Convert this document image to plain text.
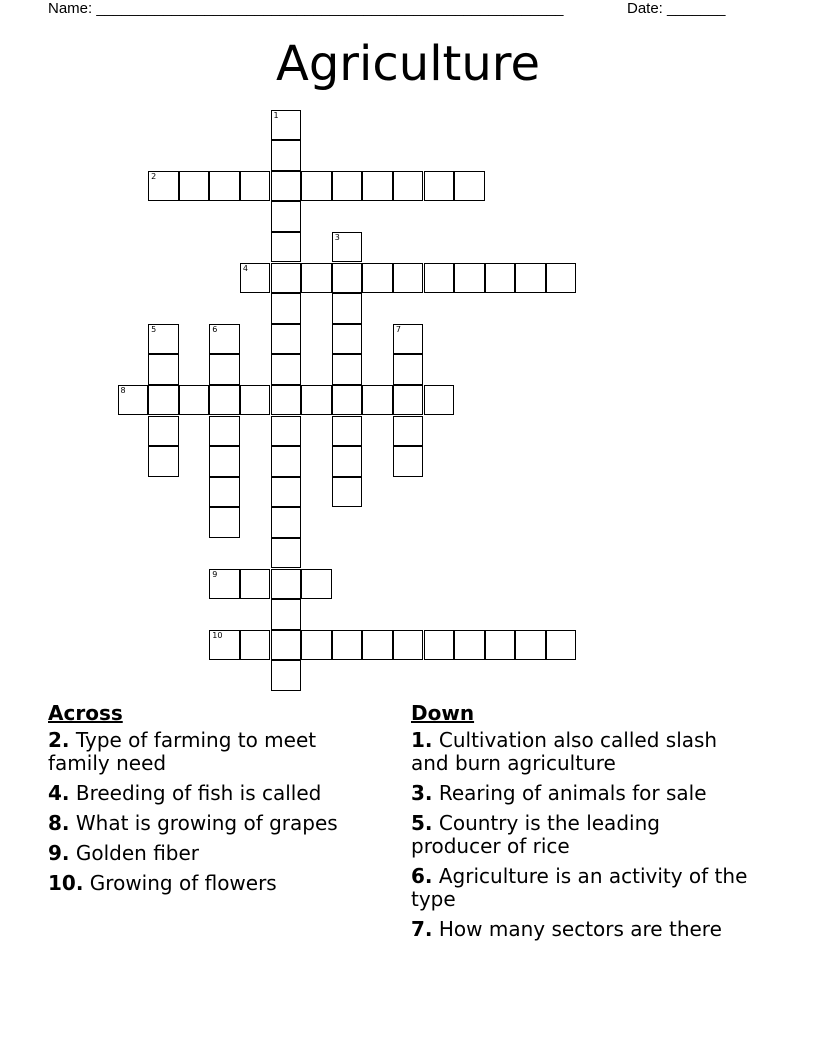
Name: ________________________________________________________	Date: _______
Agriculture
1
2
3
4
5	6	7
8
9
10
Across
2. Type of farming to meet family need
4. Breeding of fish is called
8. What is growing of grapes
9. Golden fiber
10. Growing of flowers
Down
1. Cultivation also called slash and burn agriculture
3. Rearing of animals for sale
5. Country is the leading producer of rice
6. Agriculture is an activity of the type
7. How many sectors are there
